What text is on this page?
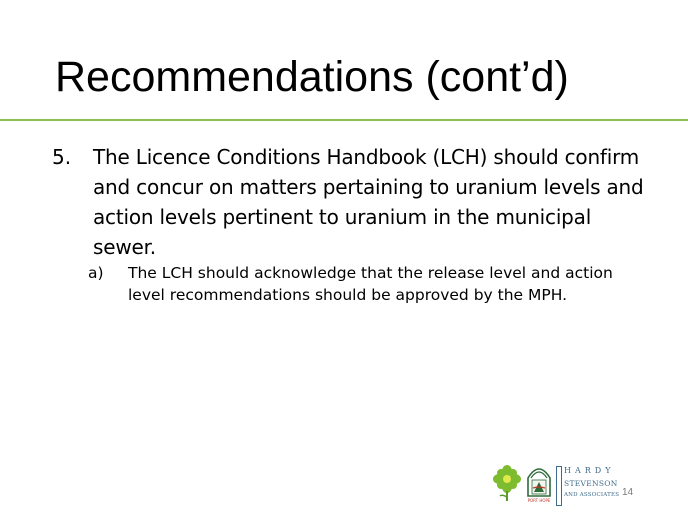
Recommendations (cont’d)
5. The Licence Conditions Handbook (LCH) should confirm and concur on matters pertaining to uranium levels and action levels pertinent to uranium in the municipal sewer.
a) The LCH should acknowledge that the release level and action level recommendations should be approved by the MPH.
PORT HOPE
HARDY
STEVENSON
AND ASSOCIATES 14
